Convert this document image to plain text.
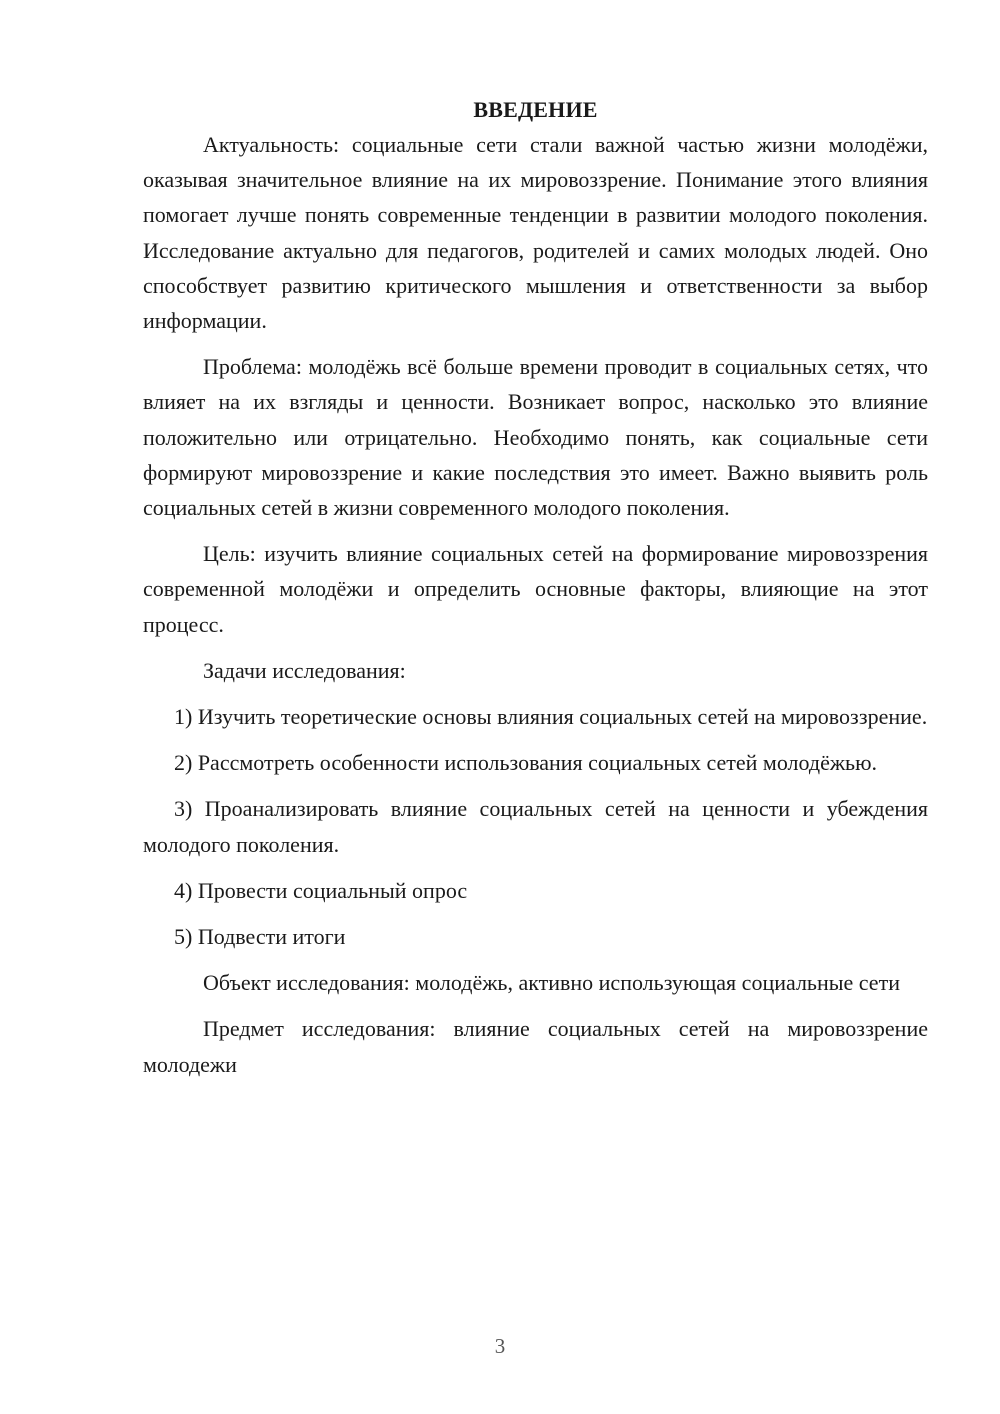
ВВЕДЕНИЕ

Актуальность: социальные сети стали важной частью жизни молодёжи, оказывая значительное влияние на их мировоззрение. Понимание этого влияния помогает лучше понять современные тенденции в развитии молодого поколения. Исследование актуально для педагогов, родителей и самих молодых людей. Оно способствует развитию критического мышления и ответственности за выбор информации.

Проблема: молодёжь всё больше времени проводит в социальных сетях, что влияет на их взгляды и ценности. Возникает вопрос, насколько это влияние положительно или отрицательно. Необходимо понять, как социальные сети формируют мировоззрение и какие последствия это имеет. Важно выявить роль социальных сетей в жизни современного молодого поколения.

Цель: изучить влияние социальных сетей на формирование мировоззрения современной молодёжи и определить основные факторы, влияющие на этот процесс.

Задачи исследования:

1) Изучить теоретические основы влияния социальных сетей на мировоззрение.

2) Рассмотреть особенности использования социальных сетей молодёжью.

3) Проанализировать влияние социальных сетей на ценности и убеждения молодого поколения.

4) Провести социальный опрос

5) Подвести итоги

Объект исследования: молодёжь, активно использующая социальные сети

Предмет исследования: влияние социальных сетей на мировоззрение молодежи

3
